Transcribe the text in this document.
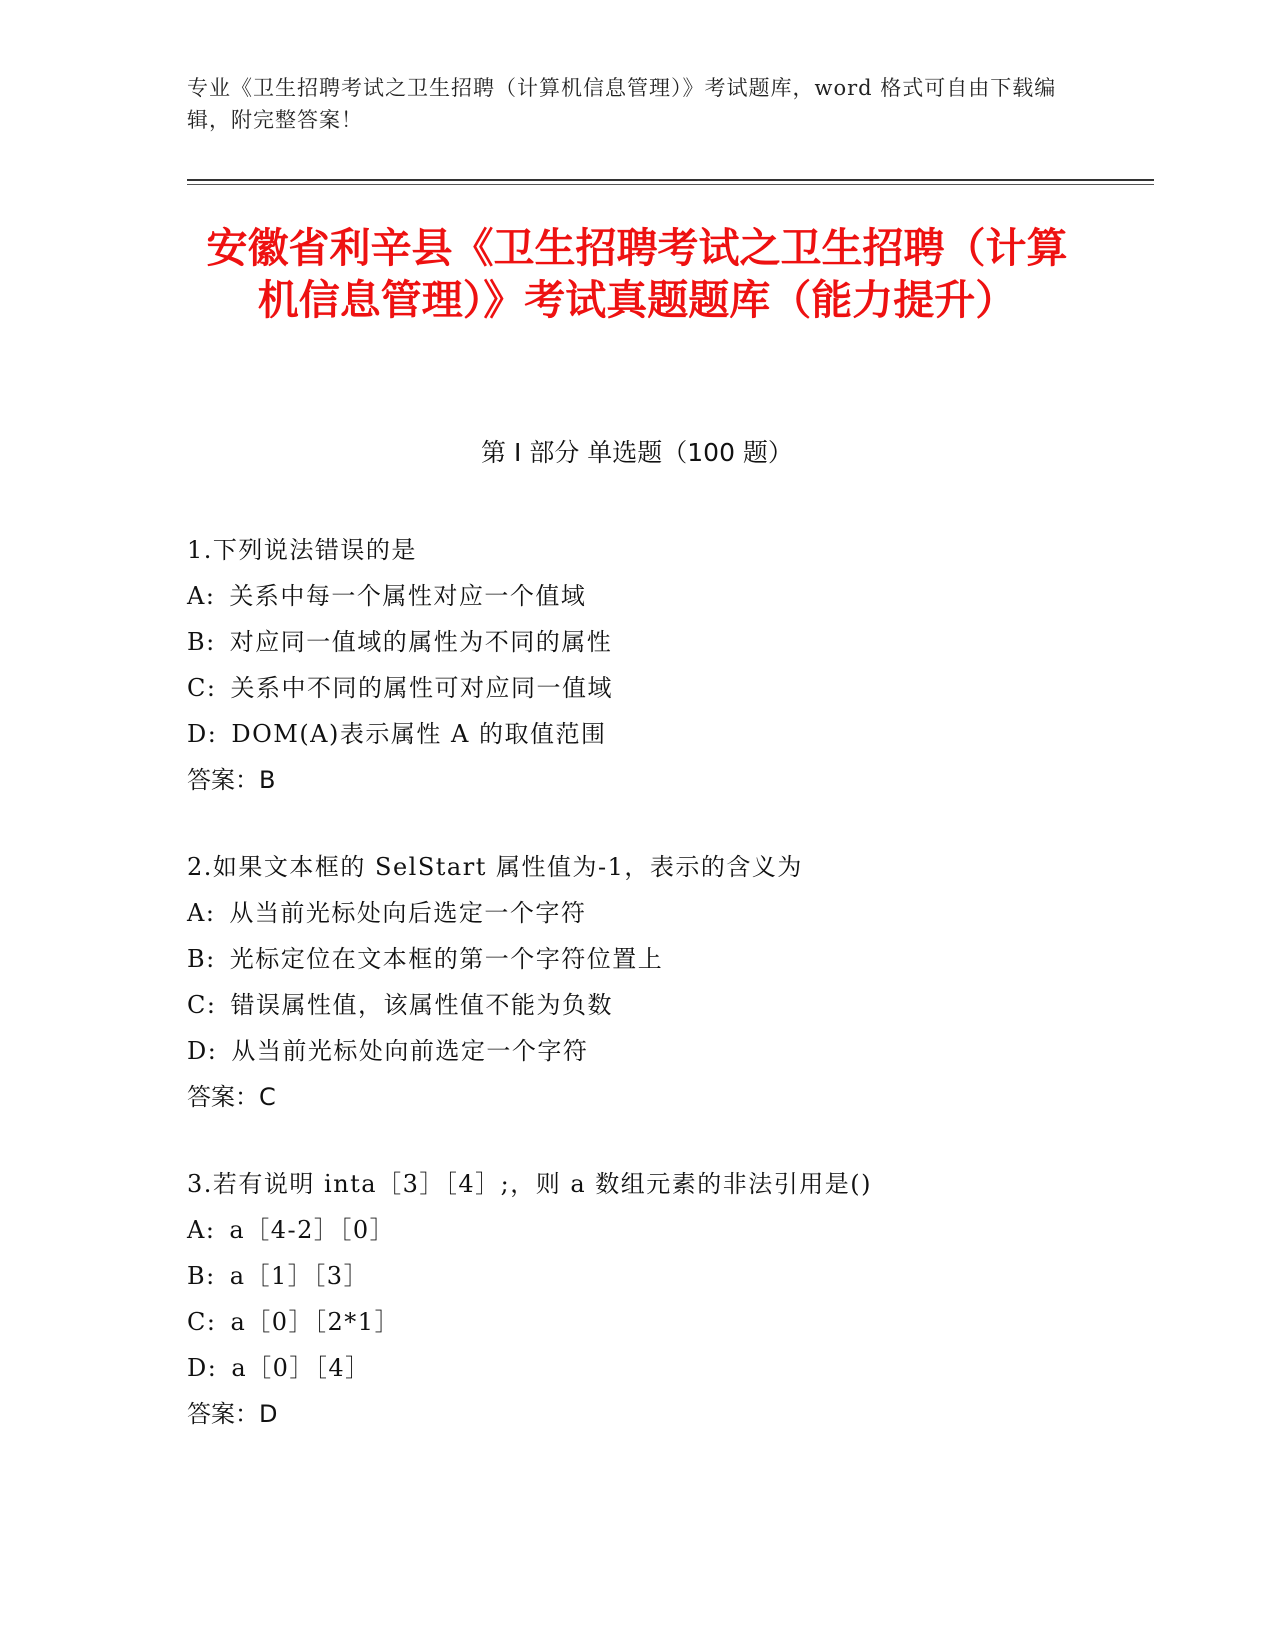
专业《卫生招聘考试之卫生招聘（计算机信息管理）》考试题库，word 格式可自由下载编辑，附完整答案！
安徽省利辛县《卫生招聘考试之卫生招聘（计算机信息管理）》考试真题题库（能力提升）
第 I 部分 单选题（100 题）
1.下列说法错误的是
A: 关系中每一个属性对应一个值域
B: 对应同一值域的属性为不同的属性
C: 关系中不同的属性可对应同一值域
D: DOM(A)表示属性 A 的取值范围
答案：B
2.如果文本框的 SelStart 属性值为-1，表示的含义为
A: 从当前光标处向后选定一个字符
B: 光标定位在文本框的第一个字符位置上
C: 错误属性值，该属性值不能为负数
D: 从当前光标处向前选定一个字符
答案：C
3.若有说明 inta［3］［4］;，则 a 数组元素的非法引用是()
A: a［4-2］［0］
B: a［1］［3］
C: a［0］［2*1］
D: a［0］［4］
答案：D
